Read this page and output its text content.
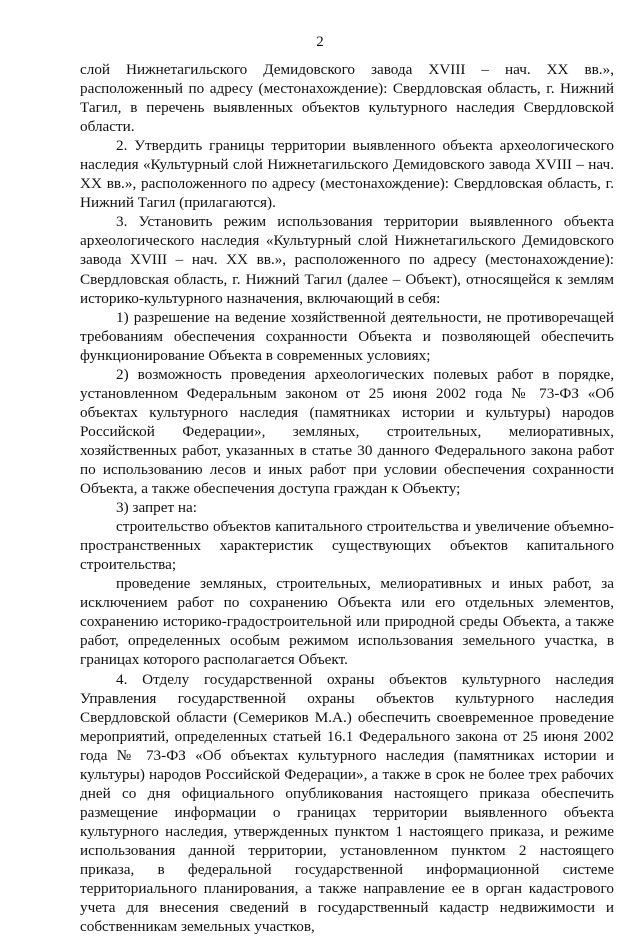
2

слой Нижнетагильского Демидовского завода XVIII – нач. XX вв.», расположенный по адресу (местонахождение): Свердловская область, г. Нижний Тагил, в перечень выявленных объектов культурного наследия Свердловской области.

2. Утвердить границы территории выявленного объекта археологического наследия «Культурный слой Нижнетагильского Демидовского завода XVIII – нач. XX вв.», расположенного по адресу (местонахождение): Свердловская область, г. Нижний Тагил (прилагаются).

3. Установить режим использования территории выявленного объекта археологического наследия «Культурный слой Нижнетагильского Демидовского завода XVIII – нач. XX вв.», расположенного по адресу (местонахождение): Свердловская область, г. Нижний Тагил (далее – Объект), относящейся к землям историко-культурного назначения, включающий в себя:

1) разрешение на ведение хозяйственной деятельности, не противоречащей требованиям обеспечения сохранности Объекта и позволяющей обеспечить функционирование Объекта в современных условиях;

2) возможность проведения археологических полевых работ в порядке, установленном Федеральным законом от 25 июня 2002 года № 73-ФЗ «Об объектах культурного наследия (памятниках истории и культуры) народов Российской Федерации», земляных, строительных, мелиоративных, хозяйственных работ, указанных в статье 30 данного Федерального закона работ по использованию лесов и иных работ при условии обеспечения сохранности Объекта, а также обеспечения доступа граждан к Объекту;

3) запрет на:

строительство объектов капитального строительства и увеличение объемно-пространственных характеристик существующих объектов капитального строительства;

проведение земляных, строительных, мелиоративных и иных работ, за исключением работ по сохранению Объекта или его отдельных элементов, сохранению историко-градостроительной или природной среды Объекта, а также работ, определенных особым режимом использования земельного участка, в границах которого располагается Объект.

4. Отделу государственной охраны объектов культурного наследия Управления государственной охраны объектов культурного наследия Свердловской области (Семериков М.А.) обеспечить своевременное проведение мероприятий, определенных статьей 16.1 Федерального закона от 25 июня 2002 года № 73-ФЗ «Об объектах культурного наследия (памятниках истории и культуры) народов Российской Федерации», а также в срок не более трех рабочих дней со дня официального опубликования настоящего приказа обеспечить размещение информации о границах территории выявленного объекта культурного наследия, утвержденных пунктом 1 настоящего приказа, и режиме использования данной территории, установленном пунктом 2 настоящего приказа, в федеральной государственной информационной системе территориального планирования, а также направление ее в орган кадастрового учета для внесения сведений в государственный кадастр недвижимости и собственникам земельных участков,
